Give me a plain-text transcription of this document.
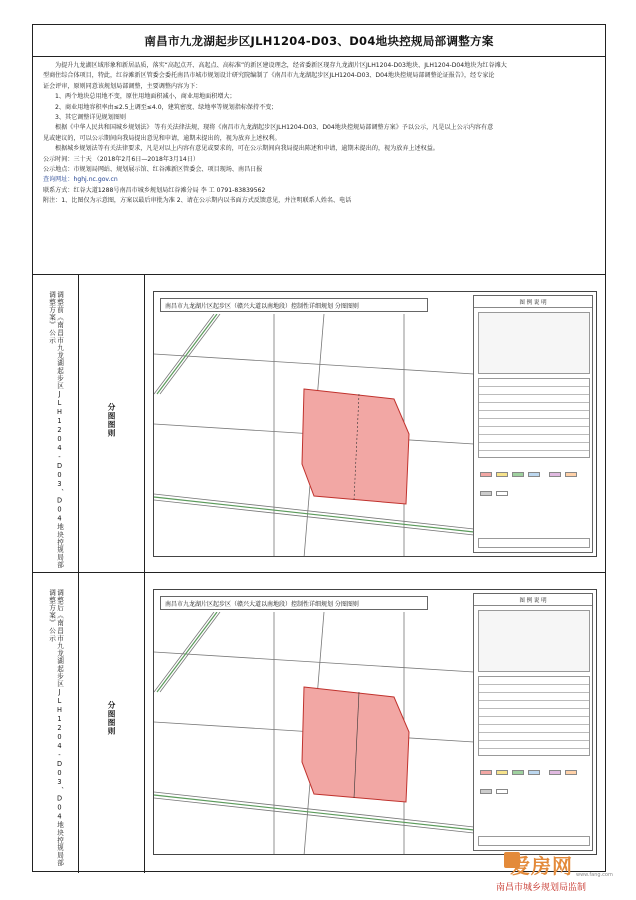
南昌市九龙湖起步区JLH1204-D03、D04地块控规局部调整方案

为提升九龙湖区域形象和新居品质，落实“高起点开、高起点、高标准”的新区建设理念，经省委新区现存九龙湖片区JLH1204-D03地块、JLH1204-D04地块为红谷滩大

型商住综合体项目，特此，红谷滩新区管委会委托南昌市城市规划设计研究院编制了《南昌市九龙湖起步区JLH1204-D03、D04地块控规局部调整论证报告》，经专家论

证会评审，原则同意该规划局部调整，主要调整内容为下：

1、两个地块总用地不变，原住用地面积减小，商业用地面积增大；

2、商业用地容积率由≤2.5上调至≤4.0，建筑密度、绿地率等规划指标保持不变；

3、其它调整详见规划图则

根据《中华人民共和国城乡规划法》 等有关法律法规，现将《南昌市九龙湖起步区JLH1204-D03、D04地块控规局部调整方案》予以公示，凡是以上公示内容有意

见或建议的，可以公示期间向我局提出意见和申请，逾期未提出的，视为放弃上述权利。

根据城乡规划法等有关法律要求，凡是对以上内容有意见或要求的，可在公示期间向我局提出陈述和申请，逾期未提出的，视为放弃上述权益。

公示时间：三十天 （2018年2月6日—2018年3月14日）

公示地点：市规划局网站、规划展示馆、红谷滩新区管委会、项目现场、南昌日报

查询网址：hghj.nc.gov.cn

联系方式：红谷大道1288号南昌市城乡规划局红谷滩分局 李 工 0791-83839562

附注：1、比图仅为示意图，方案以最后审批为准 2、请在公示期内以书面方式反馈意见，并注明联系人姓名、电话

调整前《南昌市九龙湖起步区JLH1204-D03、D04地块控规局部调整方案》公示
分图图则
南昌市九龙湖片区起步区（赣兴大道以南地段）控制性详细规划 分图图则	图 例 说 明

调整后《南昌市九龙湖起步区JLH1204-D03、D04地块控规局部调整方案》公示
分图图则
南昌市九龙湖片区起步区（赣兴大道以南地段）控制性详细规划 分图图则	图 例 说 明

爱房网 www.fang.com
南昌市城乡规划局监制
